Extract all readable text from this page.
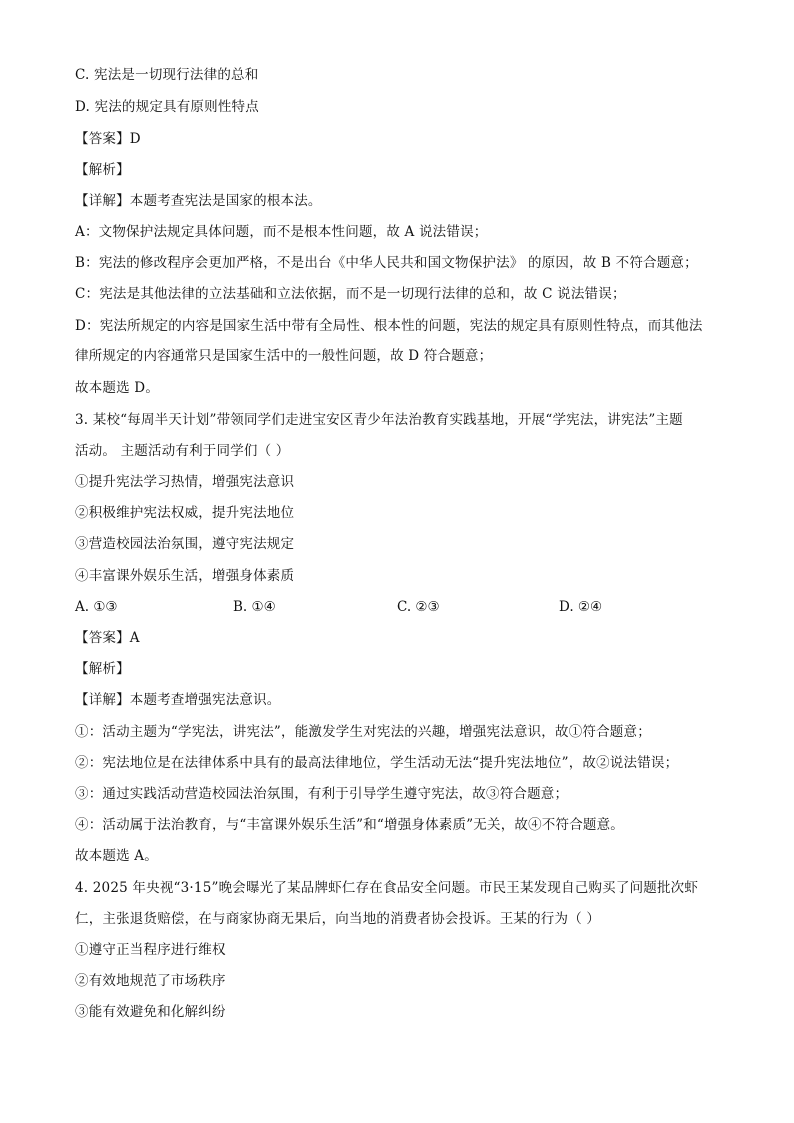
C. 宪法是一切现行法律的总和
D. 宪法的规定具有原则性特点
【答案】D
【解析】
【详解】本题考查宪法是国家的根本法。
A：文物保护法规定具体问题，而不是根本性问题，故 A 说法错误；
B：宪法的修改程序会更加严格，不是出台《中华人民共和国文物保护法》 的原因，故 B 不符合题意；
C：宪法是其他法律的立法基础和立法依据，而不是一切现行法律的总和，故 C 说法错误；
D：宪法所规定的内容是国家生活中带有全局性、根本性的问题，宪法的规定具有原则性特点，而其他法
律所规定的内容通常只是国家生活中的一般性问题，故 D 符合题意；
故本题选 D。
3. 某校“每周半天计划”带领同学们走进宝安区青少年法治教育实践基地，开展“学宪法，讲宪法”主题
活动。 主题活动有利于同学们（ ）
①提升宪法学习热情，增强宪法意识
②积极维护宪法权威，提升宪法地位
③营造校园法治氛围，遵守宪法规定
④丰富课外娱乐生活，增强身体素质
A. ①③	B. ①④	C. ②③	D. ②④
【答案】A
【解析】
【详解】本题考查增强宪法意识。
①：活动主题为“学宪法，讲宪法”，能激发学生对宪法的兴趣，增强宪法意识，故①符合题意；
②：宪法地位是在法律体系中具有的最高法律地位，学生活动无法“提升宪法地位”，故②说法错误；
③：通过实践活动营造校园法治氛围，有利于引导学生遵守宪法，故③符合题意；
④：活动属于法治教育，与“丰富课外娱乐生活”和“增强身体素质”无关，故④不符合题意。
故本题选 A。
4. 2025 年央视“3·15”晚会曝光了某品牌虾仁存在食品安全问题。市民王某发现自己购买了问题批次虾
仁，主张退货赔偿，在与商家协商无果后，向当地的消费者协会投诉。王某的行为（ ）
①遵守正当程序进行维权
②有效地规范了市场秩序
③能有效避免和化解纠纷
